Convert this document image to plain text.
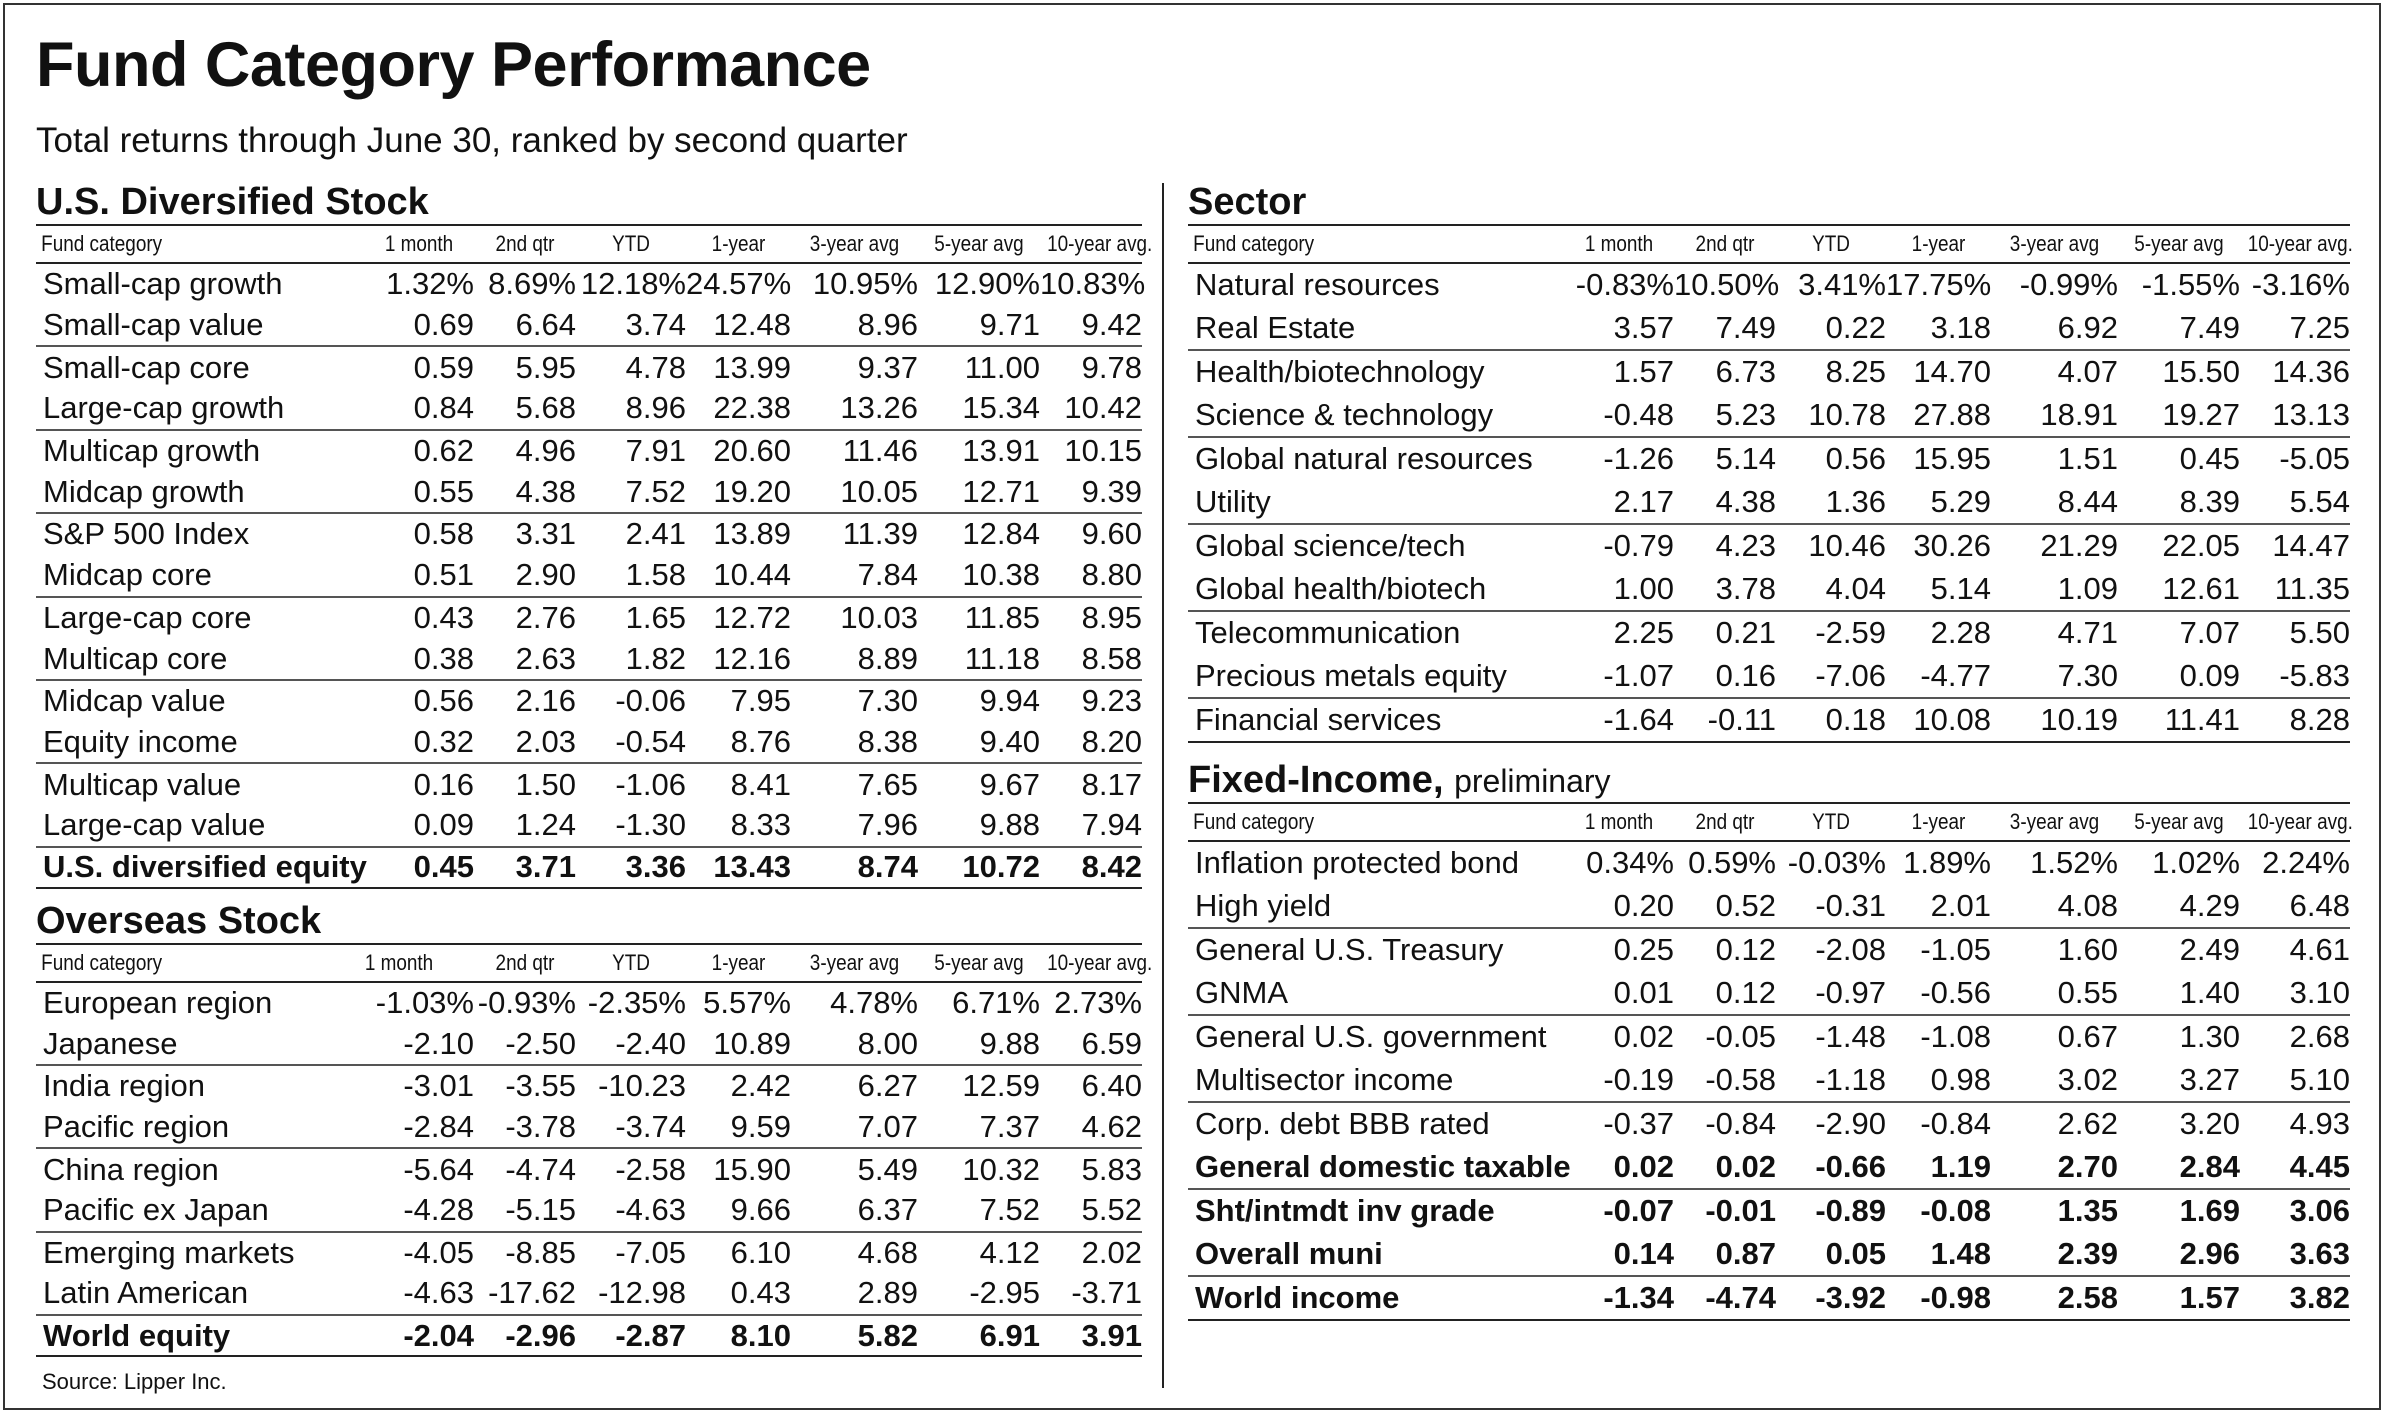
Fund Category Performance
Total returns through June 30, ranked by second quarter
U.S. Diversified Stock
Fund category	1 month	2nd qtr	YTD	1-year	3-year avg	5-year avg	10-year avg.
Small-cap growth	1.32%	8.69%	12.18%	24.57%	10.95%	12.90%	10.83%
Small-cap value	0.69	6.64	3.74	12.48	8.96	9.71	9.42
Small-cap core	0.59	5.95	4.78	13.99	9.37	11.00	9.78
Large-cap growth	0.84	5.68	8.96	22.38	13.26	15.34	10.42
Multicap growth	0.62	4.96	7.91	20.60	11.46	13.91	10.15
Midcap growth	0.55	4.38	7.52	19.20	10.05	12.71	9.39
S&P 500 Index	0.58	3.31	2.41	13.89	11.39	12.84	9.60
Midcap core	0.51	2.90	1.58	10.44	7.84	10.38	8.80
Large-cap core	0.43	2.76	1.65	12.72	10.03	11.85	8.95
Multicap core	0.38	2.63	1.82	12.16	8.89	11.18	8.58
Midcap value	0.56	2.16	-0.06	7.95	7.30	9.94	9.23
Equity income	0.32	2.03	-0.54	8.76	8.38	9.40	8.20
Multicap value	0.16	1.50	-1.06	8.41	7.65	9.67	8.17
Large-cap value	0.09	1.24	-1.30	8.33	7.96	9.88	7.94
U.S. diversified equity	0.45	3.71	3.36	13.43	8.74	10.72	8.42
Overseas Stock
Fund category	1 month	2nd qtr	YTD	1-year	3-year avg	5-year avg	10-year avg.
European region	-1.03%	-0.93%	-2.35%	5.57%	4.78%	6.71%	2.73%
Japanese	-2.10	-2.50	-2.40	10.89	8.00	9.88	6.59
India region	-3.01	-3.55	-10.23	2.42	6.27	12.59	6.40
Pacific region	-2.84	-3.78	-3.74	9.59	7.07	7.37	4.62
China region	-5.64	-4.74	-2.58	15.90	5.49	10.32	5.83
Pacific ex Japan	-4.28	-5.15	-4.63	9.66	6.37	7.52	5.52
Emerging markets	-4.05	-8.85	-7.05	6.10	4.68	4.12	2.02
Latin American	-4.63	-17.62	-12.98	0.43	2.89	-2.95	-3.71
World equity	-2.04	-2.96	-2.87	8.10	5.82	6.91	3.91
Sector
Fund category	1 month	2nd qtr	YTD	1-year	3-year avg	5-year avg	10-year avg.
Natural resources	-0.83%	10.50%	3.41%	17.75%	-0.99%	-1.55%	-3.16%
Real Estate	3.57	7.49	0.22	3.18	6.92	7.49	7.25
Health/biotechnology	1.57	6.73	8.25	14.70	4.07	15.50	14.36
Science & technology	-0.48	5.23	10.78	27.88	18.91	19.27	13.13
Global natural resources	-1.26	5.14	0.56	15.95	1.51	0.45	-5.05
Utility	2.17	4.38	1.36	5.29	8.44	8.39	5.54
Global science/tech	-0.79	4.23	10.46	30.26	21.29	22.05	14.47
Global health/biotech	1.00	3.78	4.04	5.14	1.09	12.61	11.35
Telecommunication	2.25	0.21	-2.59	2.28	4.71	7.07	5.50
Precious metals equity	-1.07	0.16	-7.06	-4.77	7.30	0.09	-5.83
Financial services	-1.64	-0.11	0.18	10.08	10.19	11.41	8.28
Fixed-Income, preliminary
Fund category	1 month	2nd qtr	YTD	1-year	3-year avg	5-year avg	10-year avg.
Inflation protected bond	0.34%	0.59%	-0.03%	1.89%	1.52%	1.02%	2.24%
High yield	0.20	0.52	-0.31	2.01	4.08	4.29	6.48
General U.S. Treasury	0.25	0.12	-2.08	-1.05	1.60	2.49	4.61
GNMA	0.01	0.12	-0.97	-0.56	0.55	1.40	3.10
General U.S. government	0.02	-0.05	-1.48	-1.08	0.67	1.30	2.68
Multisector income	-0.19	-0.58	-1.18	0.98	3.02	3.27	5.10
Corp. debt BBB rated	-0.37	-0.84	-2.90	-0.84	2.62	3.20	4.93
General domestic taxable	0.02	0.02	-0.66	1.19	2.70	2.84	4.45
Sht/intmdt inv grade	-0.07	-0.01	-0.89	-0.08	1.35	1.69	3.06
Overall muni	0.14	0.87	0.05	1.48	2.39	2.96	3.63
World income	-1.34	-4.74	-3.92	-0.98	2.58	1.57	3.82
Source: Lipper Inc.
